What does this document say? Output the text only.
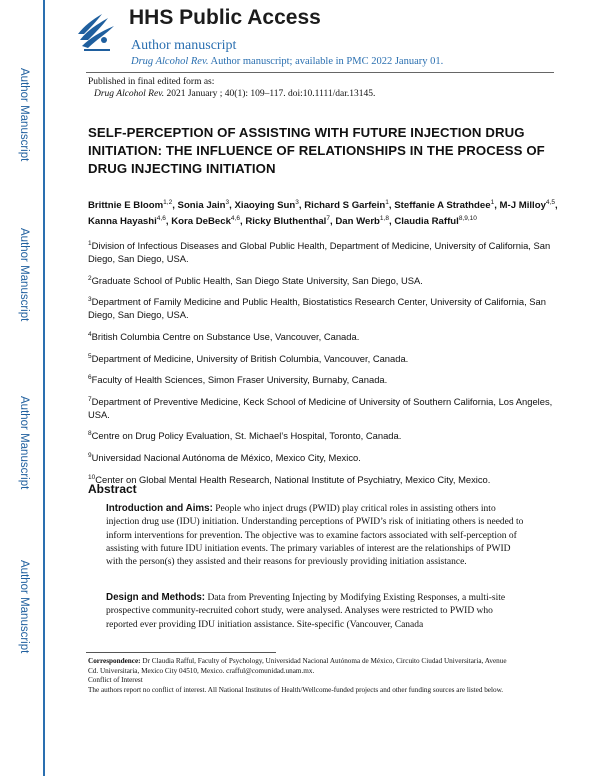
Author Manuscript
Author Manuscript
Author Manuscript
Author Manuscript
HHS Public Access
Author manuscript
Drug Alcohol Rev. Author manuscript; available in PMC 2022 January 01.
Published in final edited form as:
Drug Alcohol Rev. 2021 January ; 40(1): 109–117. doi:10.1111/dar.13145.
SELF-PERCEPTION OF ASSISTING WITH FUTURE INJECTION DRUG INITIATION: THE INFLUENCE OF RELATIONSHIPS IN THE PROCESS OF DRUG INJECTING INITIATION
Brittnie E Bloom$^{1,2}$, Sonia Jain$^3$, Xiaoying Sun$^3$, Richard S Garfein$^1$, Steffanie A Strathdee$^1$, M-J Milloy$^{4,5}$, Kanna Hayashi$^{4,6}$, Kora DeBeck$^{4,6}$, Ricky Bluthenthal$^7$, Dan Werb$^{1,8}$, Claudia Rafful$^{8,9,10}$
$^1$Division of Infectious Diseases and Global Public Health, Department of Medicine, University of California, San Diego, San Diego, USA.
$^2$Graduate School of Public Health, San Diego State University, San Diego, USA.
$^3$Department of Family Medicine and Public Health, Biostatistics Research Center, University of California, San Diego, San Diego, USA.
$^4$British Columbia Centre on Substance Use, Vancouver, Canada.
$^5$Department of Medicine, University of British Columbia, Vancouver, Canada.
$^6$Faculty of Health Sciences, Simon Fraser University, Burnaby, Canada.
$^7$Department of Preventive Medicine, Keck School of Medicine of University of Southern California, Los Angeles, USA.
$^8$Centre on Drug Policy Evaluation, St. Michael’s Hospital, Toronto, Canada.
$^9$Universidad Nacional Autónoma de México, Mexico City, Mexico.
$^{10}$Center on Global Mental Health Research, National Institute of Psychiatry, Mexico City, Mexico.
Abstract
Introduction and Aims: People who inject drugs (PWID) play critical roles in assisting others into injection drug use (IDU) initiation. Understanding perceptions of PWID’s risk of initiating others is needed to inform interventions for prevention. The objective was to examine factors associated with self-perception of assisting with future IDU initiation events. The primary variables of interest are the relationships of PWID with the person(s) they assisted and their reasons for previously providing initiation assistance.
Design and Methods: Data from Preventing Injecting by Modifying Existing Responses, a multi-site prospective community-recruited cohort study, were analysed. Analyses were restricted to PWID who reported ever providing IDU initiation assistance. Site-specific (Vancouver, Canada
Correspondence: Dr Claudia Rafful, Faculty of Psychology, Universidad Nacional Autónoma de México, Circuito Ciudad Universitaria, Avenue Cd. Universitaria, Mexico City 04510, Mexico. crafful@comunidad.unam.mx.
Conflict of Interest
The authors report no conflict of interest. All National Institutes of Health/Wellcome-funded projects and other funding sources are listed below.
